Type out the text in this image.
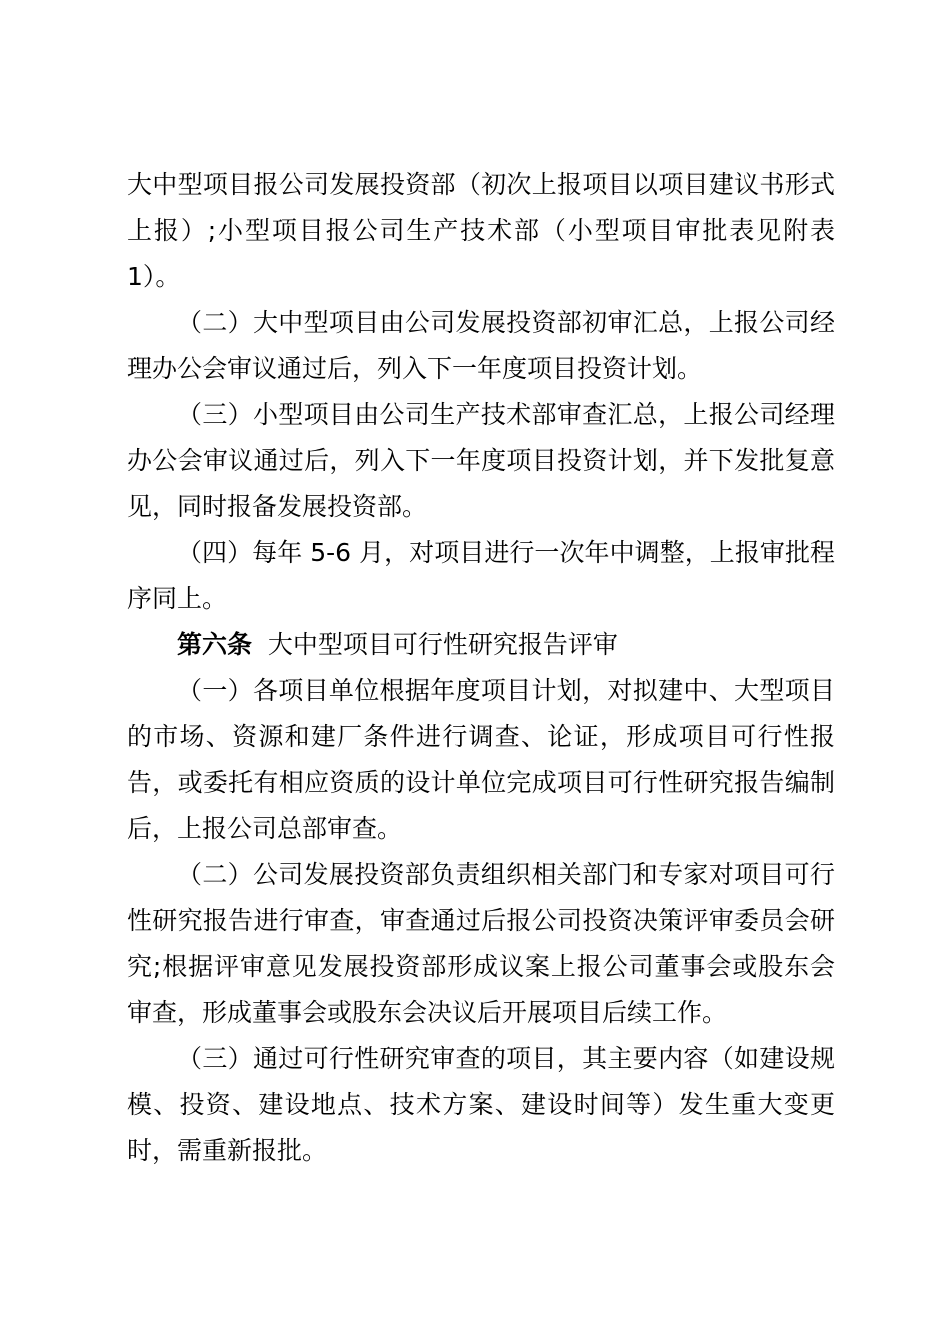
大中型项目报公司发展投资部（初次上报项目以项目建议书形式上报）;小型项目报公司生产技术部（小型项目审批表见附表 1）。

（二）大中型项目由公司发展投资部初审汇总，上报公司经理办公会审议通过后，列入下一年度项目投资计划。

（三）小型项目由公司生产技术部审查汇总，上报公司经理办公会审议通过后，列入下一年度项目投资计划，并下发批复意见，同时报备发展投资部。

（四）每年 5-6 月，对项目进行一次年中调整，上报审批程序同上。

第六条 大中型项目可行性研究报告评审

（一）各项目单位根据年度项目计划，对拟建中、大型项目的市场、资源和建厂条件进行调查、论证，形成项目可行性报告，或委托有相应资质的设计单位完成项目可行性研究报告编制后，上报公司总部审查。

（二）公司发展投资部负责组织相关部门和专家对项目可行性研究报告进行审查，审查通过后报公司投资决策评审委员会研究;根据评审意见发展投资部形成议案上报公司董事会或股东会审查，形成董事会或股东会决议后开展项目后续工作。

（三）通过可行性研究审查的项目，其主要内容（如建设规模、投资、建设地点、技术方案、建设时间等）发生重大变更时，需重新报批。
